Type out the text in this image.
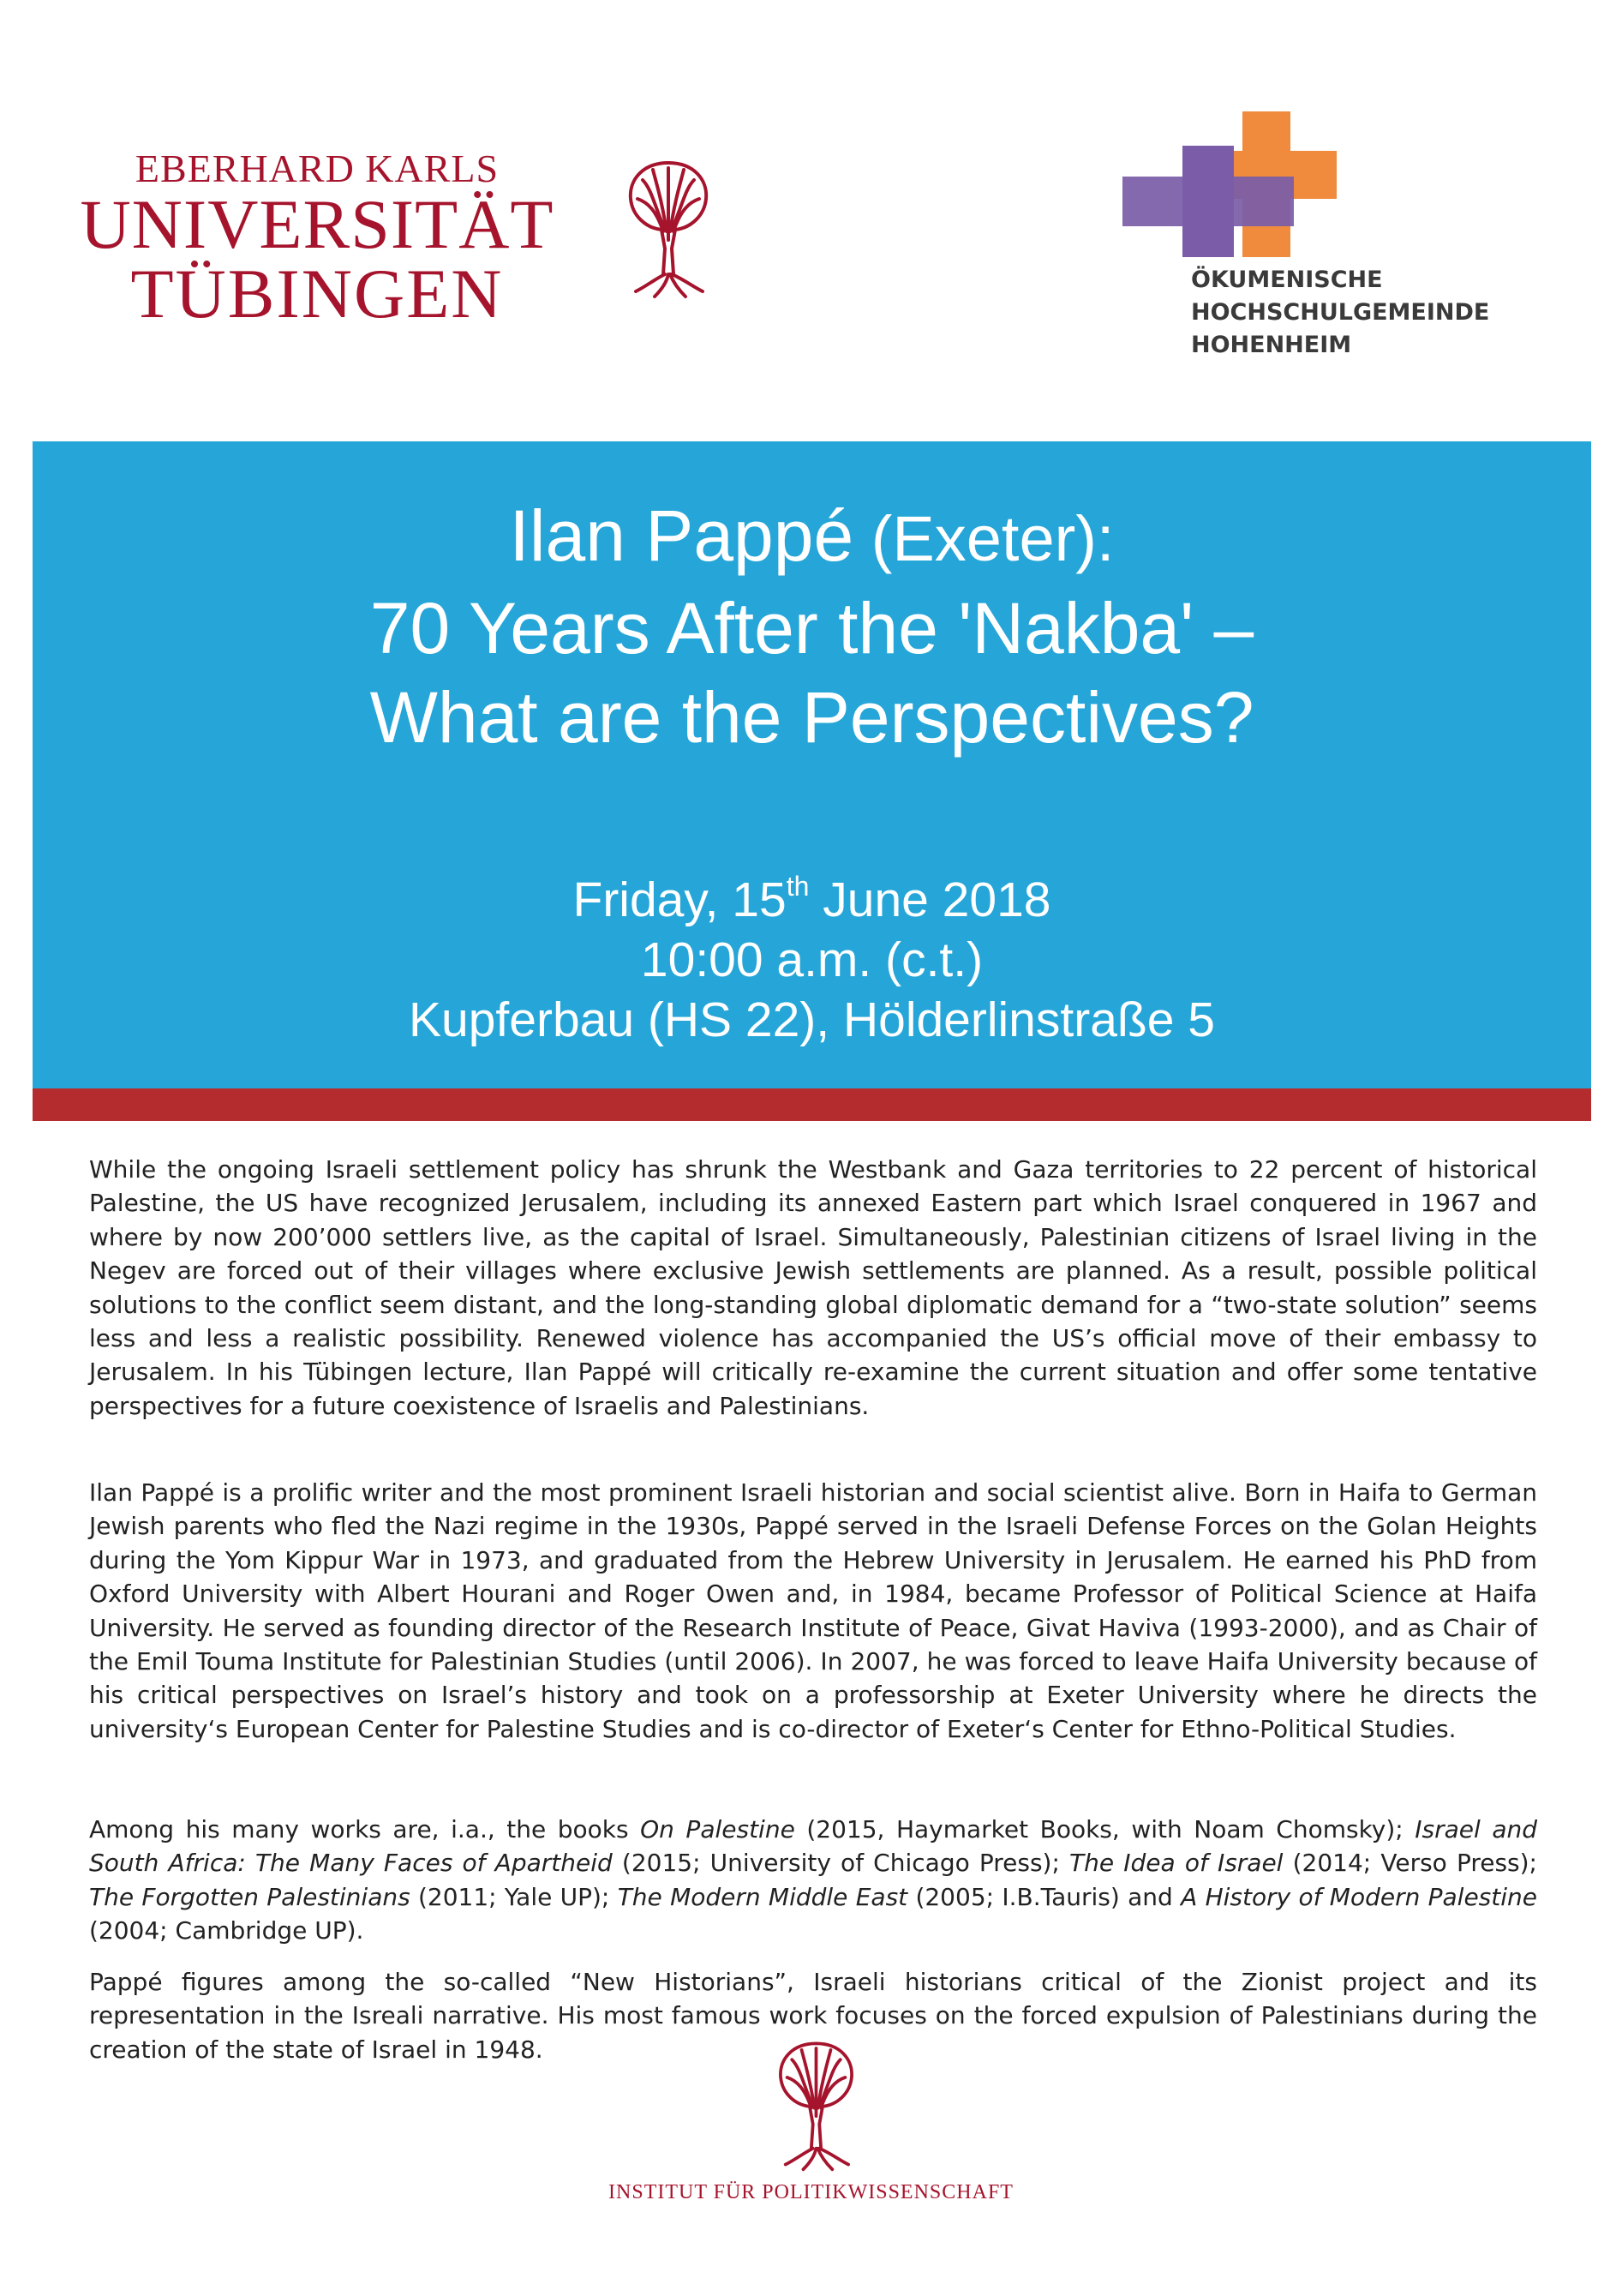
EBERHARD KARLS
UNIVERSITÄT
TÜBINGEN	ÖKUMENISCHE
HOCHSCHULGEMEINDE
HOHENHEIM
Ilan Pappé (Exeter):
70 Years After the 'Nakba' –
What are the Perspectives?
Friday, 15th June 2018
10:00 a.m. (c.t.)
Kupferbau (HS 22), Hölderlinstraße 5

While the ongoing Israeli settlement policy has shrunk the Westbank and Gaza territories to 22 percent of historical Palestine, the US have recognized Jerusalem, including its annexed Eastern part which Israel conquered in 1967 and where by now 200’000 settlers live, as the capital of Israel. Simultaneously, Palestinian citizens of Israel living in the Negev are forced out of their villages where exclusive Jewish settlements are planned. As a result, possible political solutions to the conflict seem distant, and the long-standing global diplomatic demand for a “two-state solution” seems less and less a realistic possibility. Renewed violence has accompanied the US’s official move of their embassy to Jerusalem. In his Tübingen lecture, Ilan Pappé will critically re-examine the current situation and offer some tentative perspectives for a future coexistence of Israelis and Palestinians.

Ilan Pappé is a prolific writer and the most prominent Israeli historian and social scientist alive. Born in Haifa to German Jewish parents who fled the Nazi regime in the 1930s, Pappé served in the Israeli Defense Forces on the Golan Heights during the Yom Kippur War in 1973, and graduated from the Hebrew University in Jerusalem. He earned his PhD from Oxford University with Albert Hourani and Roger Owen and, in 1984, became Professor of Political Science at Haifa University. He served as founding director of the Research Institute of Peace, Givat Haviva (1993-2000), and as Chair of the Emil Touma Institute for Palestinian Studies (until 2006). In 2007, he was forced to leave Haifa University because of his critical perspectives on Israel’s history and took on a professorship at Exeter University where he directs the university‘s European Center for Palestine Studies and is co-director of Exeter‘s Center for Ethno-Political Studies.

Among his many works are, i.a., the books On Palestine (2015, Haymarket Books, with Noam Chomsky); Israel and South Africa: The Many Faces of Apartheid (2015; University of Chicago Press); The Idea of Israel (2014; Verso Press); The Forgotten Palestinians (2011; Yale UP); The Modern Middle East (2005; I.B.Tauris) and A History of Modern Palestine (2004; Cambridge UP).

Pappé figures among the so-called “New Historians”, Israeli historians critical of the Zionist project and its representation in the Isreali narrative. His most famous work focuses on the forced expulsion of Palestinians during the creation of the state of Israel in 1948.

INSTITUT FÜR POLITIKWISSENSCHAFT
